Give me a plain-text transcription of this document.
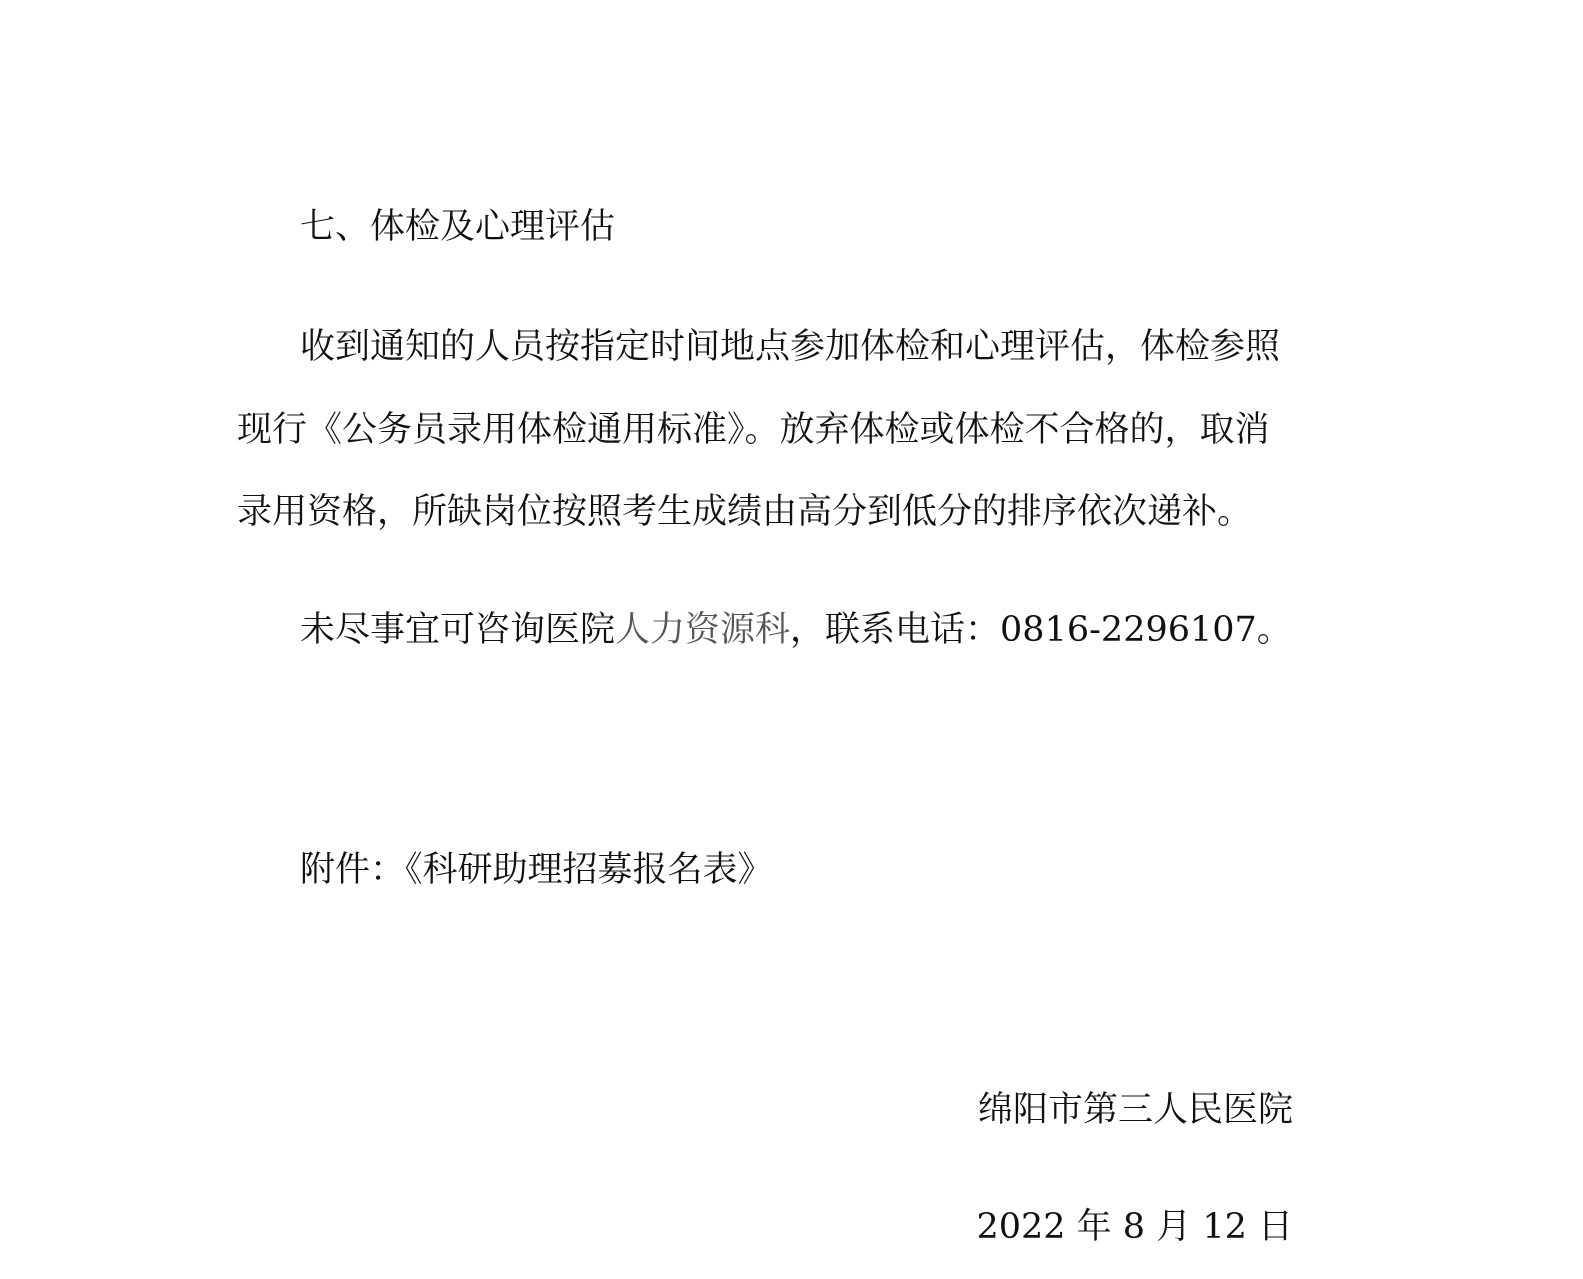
七、体检及心理评估
收到通知的人员按指定时间地点参加体检和心理评估，体检参照
现行《公务员录用体检通用标准》。放弃体检或体检不合格的，取消
录用资格，所缺岗位按照考生成绩由高分到低分的排序依次递补。
未尽事宜可咨询医院人力资源科，联系电话：0816-2296107。
附件：《科研助理招募报名表》
绵阳市第三人民医院
2022 年 8 月 12 日
